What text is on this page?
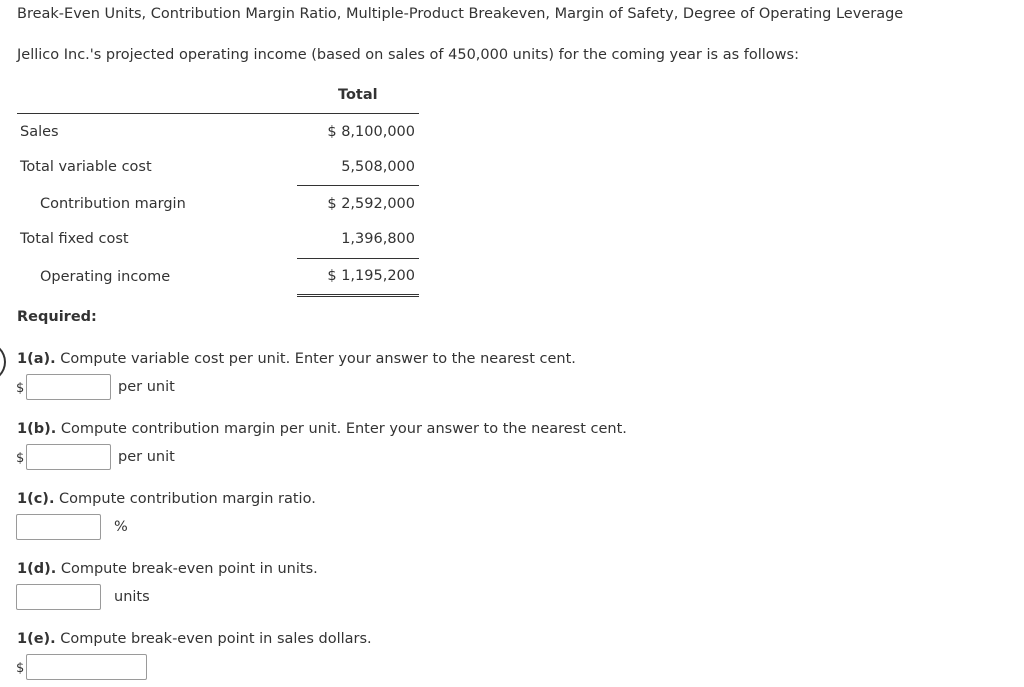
Break-Even Units, Contribution Margin Ratio, Multiple-Product Breakeven, Margin of Safety, Degree of Operating Leverage
Jellico Inc.'s projected operating income (based on sales of 450,000 units) for the coming year is as follows:
Total
Sales	$ 8,100,000
Total variable cost	5,508,000
Contribution margin	$ 2,592,000
Total fixed cost	1,396,800
Operating income	$ 1,195,200
Required:
1(a). Compute variable cost per unit. Enter your answer to the nearest cent.
$	per unit
1(b). Compute contribution margin per unit. Enter your answer to the nearest cent.
$	per unit
1(c). Compute contribution margin ratio.
%
1(d). Compute break-even point in units.
units
1(e). Compute break-even point in sales dollars.
$
